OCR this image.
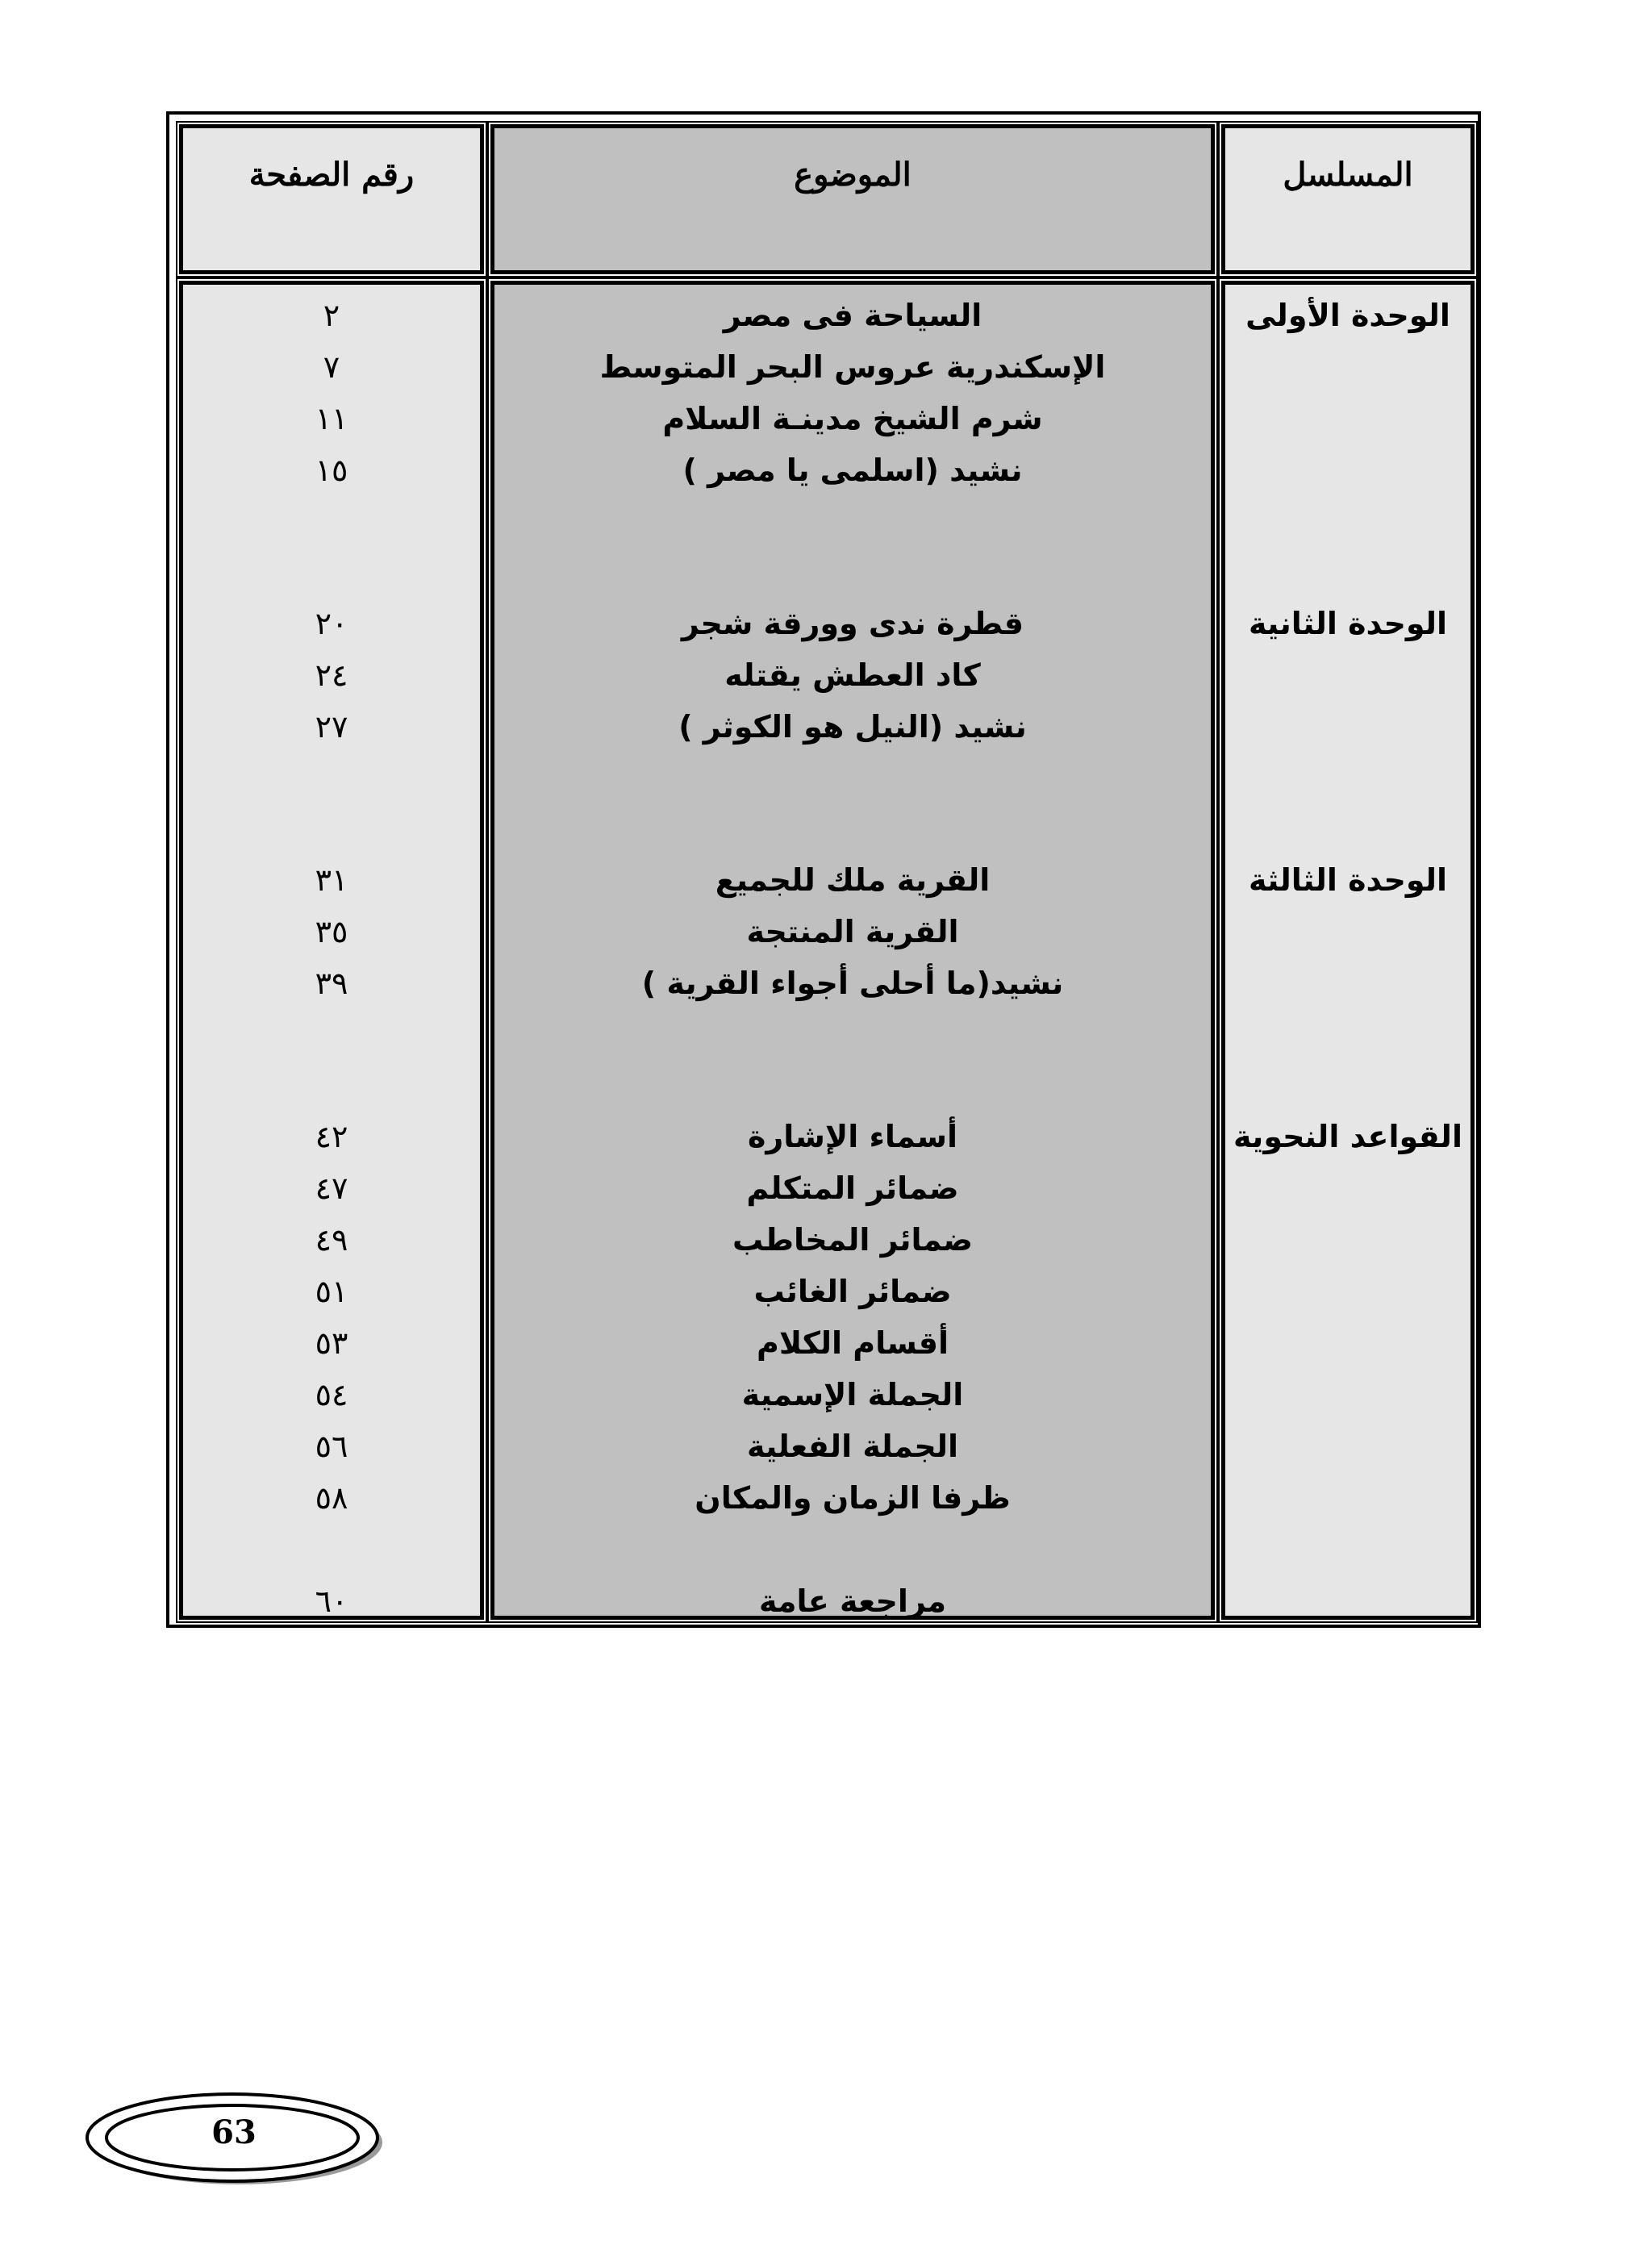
رقم الصفحة	الموضوع	المسلسل
٢
٧
١١
١٥
٢٠
٢٤
٢٧
٣١
٣٥
٣٩
٤٢
٤٧
٤٩
٥١
٥٣
٥٤
٥٦
٥٨
٦٠
السياحة فى مصر
الإسكندرية عروس البحر المتوسط
شرم الشيخ مدينـة السلام
نشيد (اسلمى يا مصر )
قطرة ندى وورقة شجر
كاد العطش يقتله
نشيد (النيل هو الكوثر )
القرية ملك للجميع
القرية المنتجة
نشيد(ما أحلى أجواء القرية )
أسماء الإشارة
ضمائر المتكلم
ضمائر المخاطب
ضمائر الغائب
أقسام الكلام
الجملة الإسمية
الجملة الفعلية
ظرفا الزمان والمكان
مراجعة عامة
الوحدة الأولى
الوحدة الثانية
الوحدة الثالثة
القواعد النحوية
63
